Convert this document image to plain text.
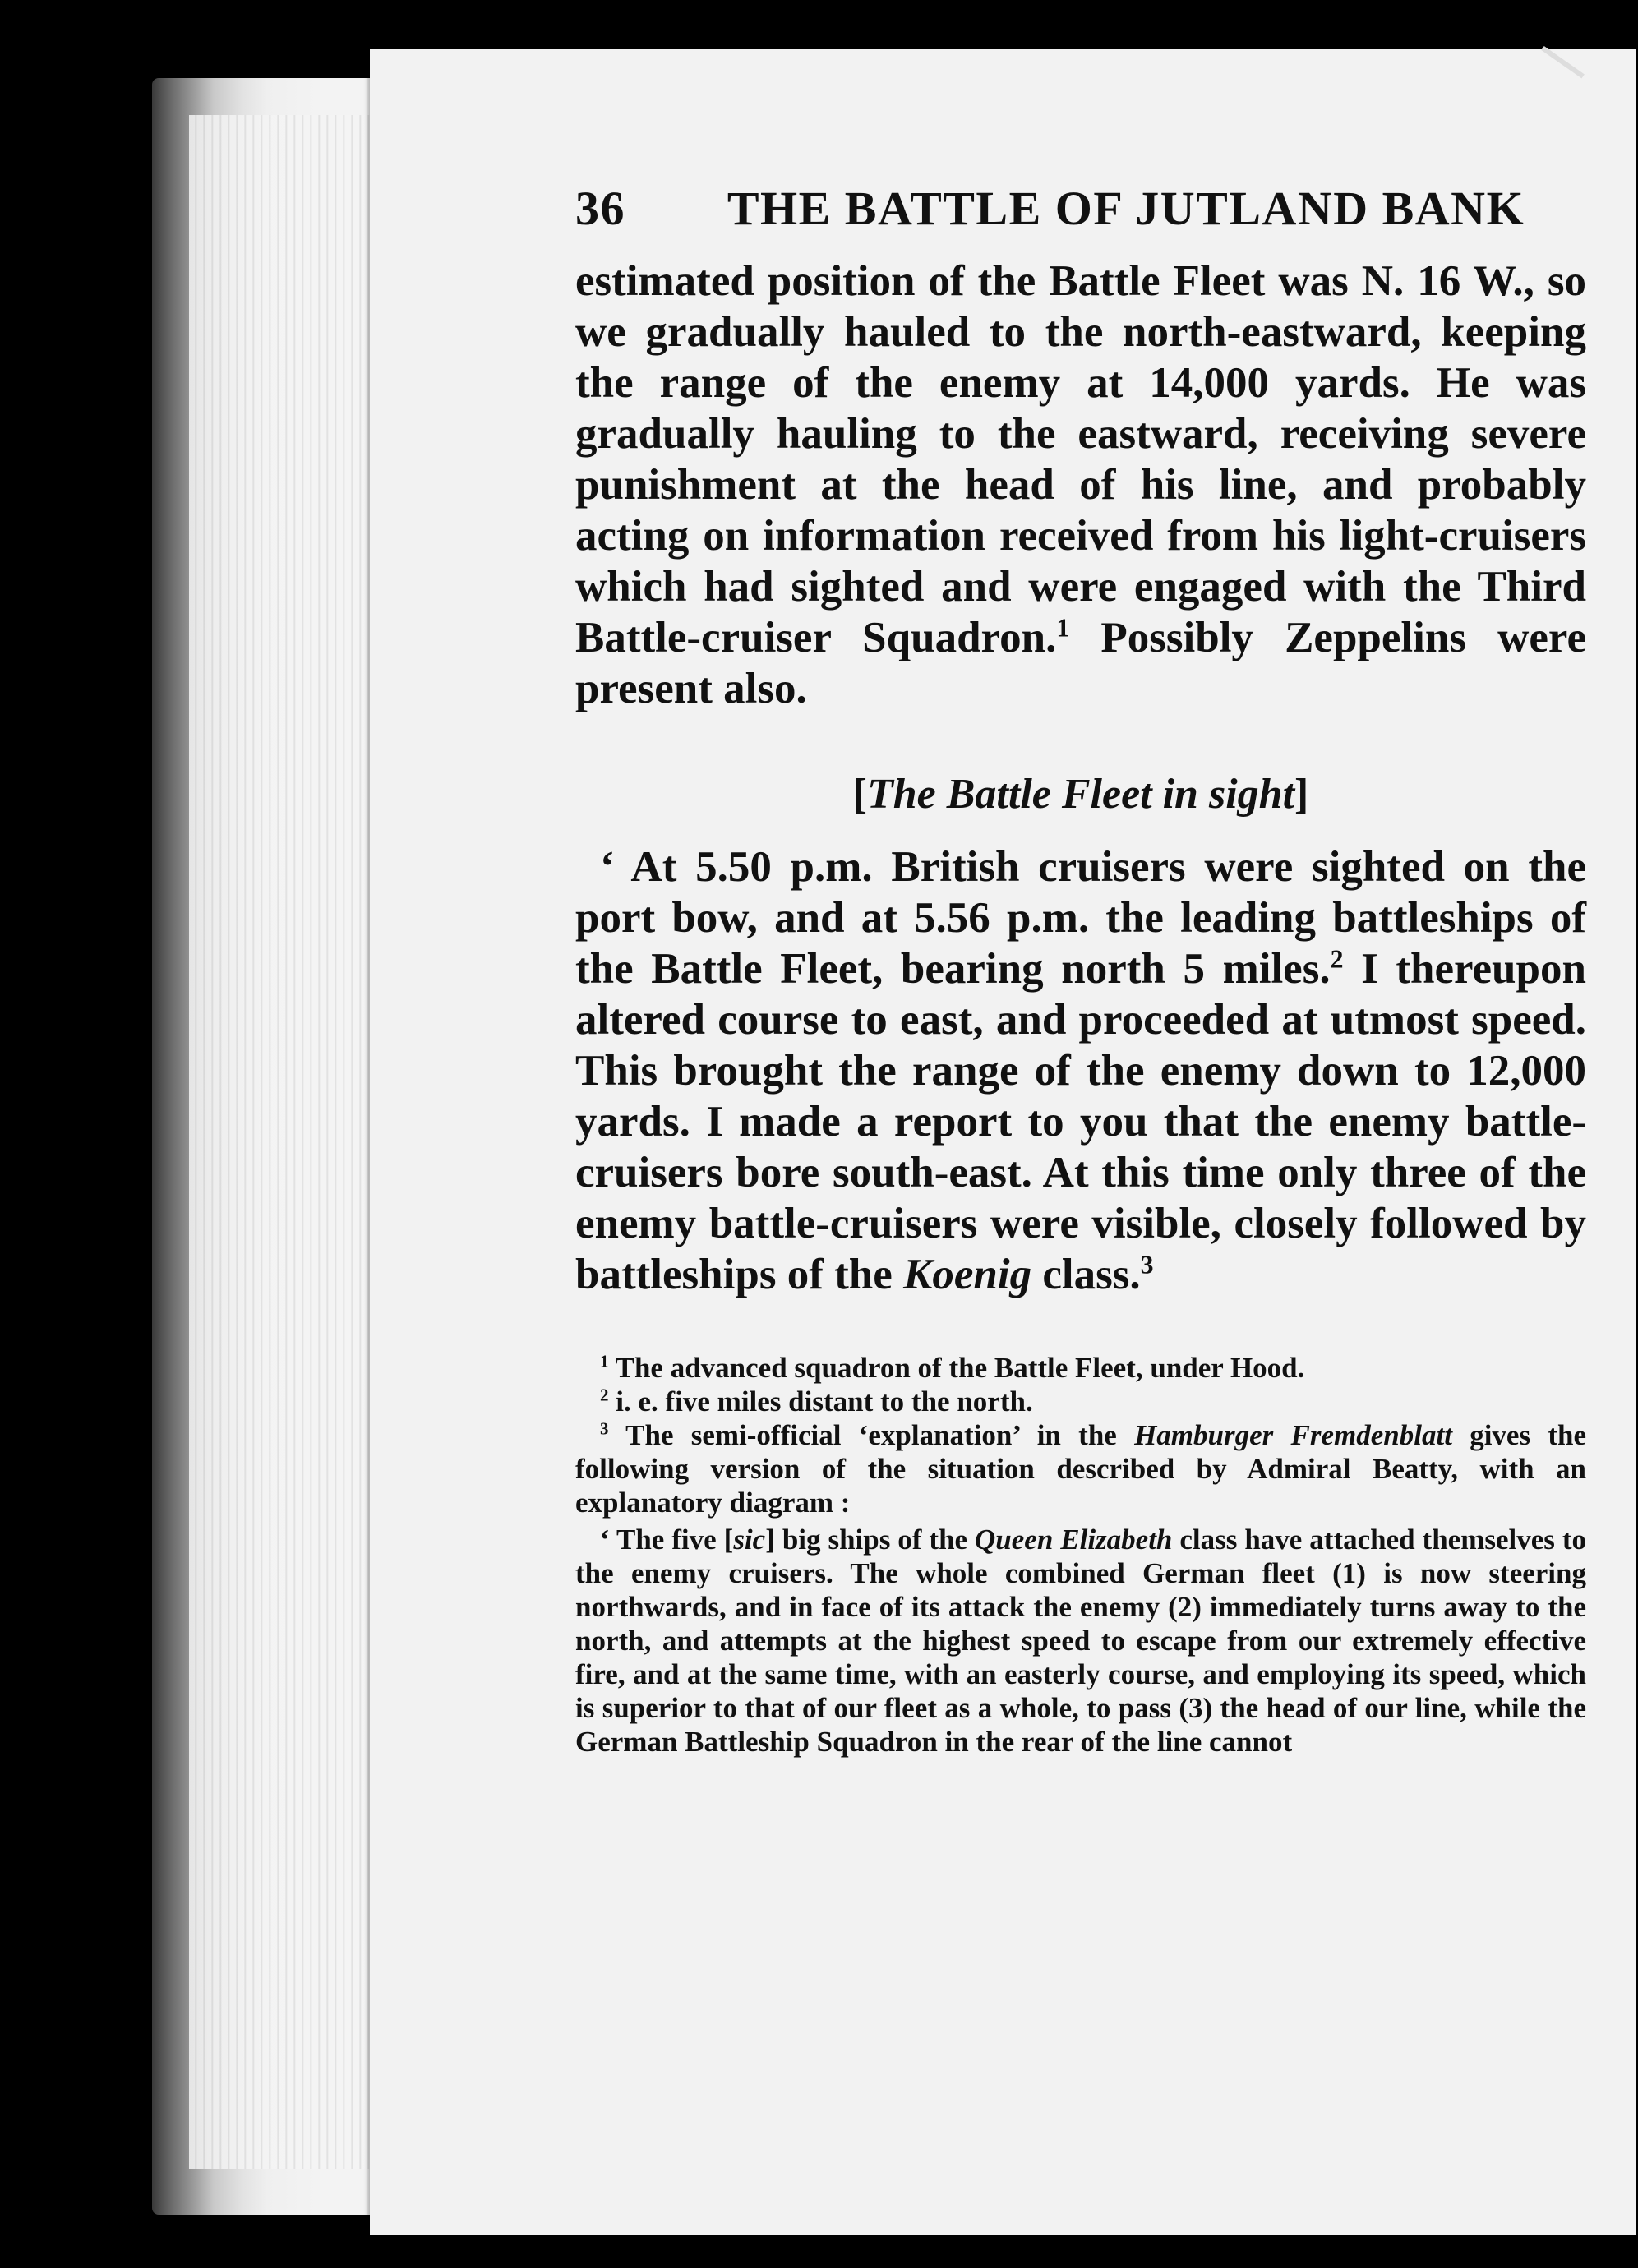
36	THE BATTLE OF JUTLAND BANK

estimated position of the Battle Fleet was N. 16 W., so we gradually hauled to the north-eastward, keeping the range of the enemy at 14,000 yards. He was gradually hauling to the eastward, receiving severe punishment at the head of his line, and probably acting on information received from his light-cruisers which had sighted and were engaged with the Third Battle-cruiser Squadron.$^1$ Possibly Zeppelins were present also.

[The Battle Fleet in sight]

‘ At 5.50 p.m. British cruisers were sighted on the port bow, and at 5.56 p.m. the leading battleships of the Battle Fleet, bearing north 5 miles.$^2$ I thereupon altered course to east, and proceeded at utmost speed. This brought the range of the enemy down to 12,000 yards. I made a report to you that the enemy battle-cruisers bore south-east. At this time only three of the enemy battle-cruisers were visible, closely followed by battleships of the Koenig class.$^3$

$^1$ The advanced squadron of the Battle Fleet, under Hood.

$^2$ i. e. five miles distant to the north.

$^3$ The semi-official ‘explanation’ in the Hamburger Fremdenblatt gives the following version of the situation described by Admiral Beatty, with an explanatory diagram :

‘ The five [sic] big ships of the Queen Elizabeth class have attached themselves to the enemy cruisers. The whole combined German fleet (1) is now steering northwards, and in face of its attack the enemy (2) immediately turns away to the north, and attempts at the highest speed to escape from our extremely effective fire, and at the same time, with an easterly course, and employing its speed, which is superior to that of our fleet as a whole, to pass (3) the head of our line, while the German Battleship Squadron in the rear of the line cannot
